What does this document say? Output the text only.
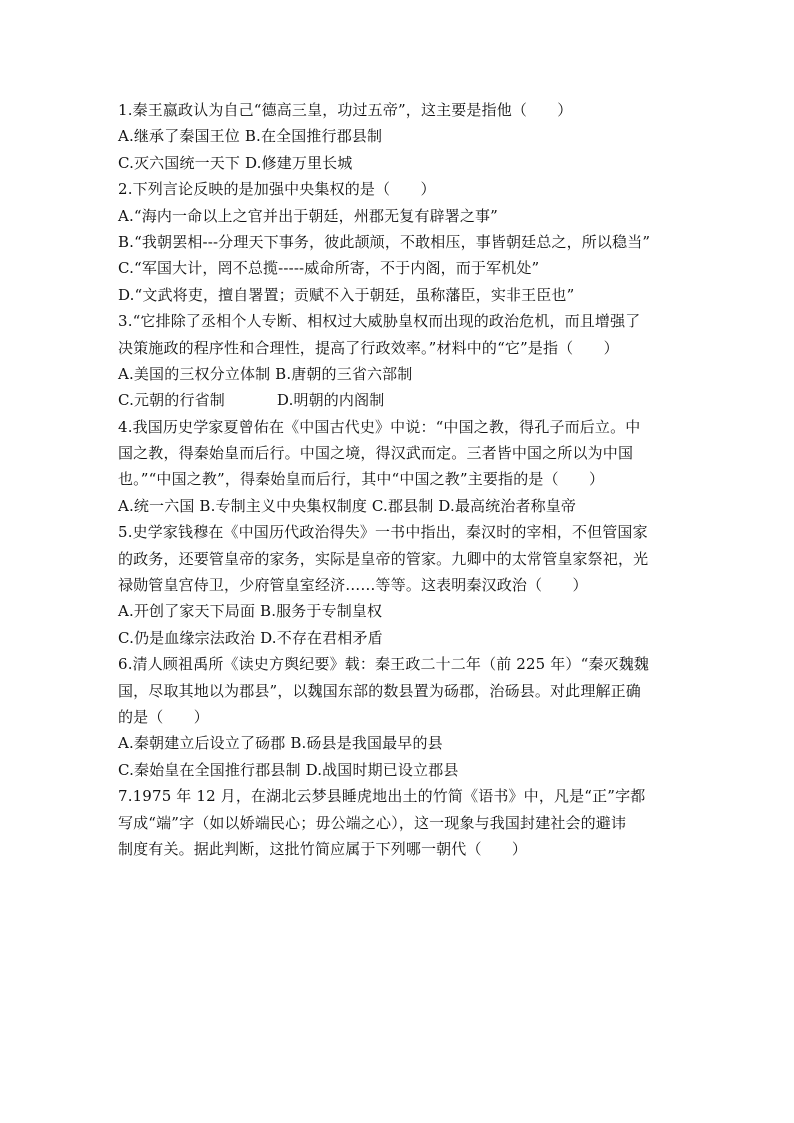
1.秦王嬴政认为自己“德高三皇，功过五帝”，这主要是指他（　　）
A.继承了秦国王位 B.在全国推行郡县制
C.灭六国统一天下 D.修建万里长城
2.下列言论反映的是加强中央集权的是（　　）
A.“海内一命以上之官并出于朝廷，州郡无复有辟署之事”
B.“我朝罢相---分理天下事务，彼此颉颃，不敢相压，事皆朝廷总之，所以稳当”
C.“军国大计，罔不总揽-----威命所寄，不于内阁，而于军机处”
D.“文武将吏，擅自署置；贡赋不入于朝廷，虽称藩臣，实非王臣也”
3.“它排除了丞相个人专断、相权过大威胁皇权而出现的政治危机，而且增强了
决策施政的程序性和合理性，提高了行政效率。”材料中的“它”是指（　　）
A.美国的三权分立体制 B.唐朝的三省六部制
C.元朝的行省制	D.明朝的内阁制
4.我国历史学家夏曾佑在《中国古代史》中说：“中国之教，得孔子而后立。中
国之教，得秦始皇而后行。中国之境，得汉武而定。三者皆中国之所以为中国
也。”“中国之教”，得秦始皇而后行，其中“中国之教”主要指的是（　　）
A.统一六国 B.专制主义中央集权制度 C.郡县制 D.最高统治者称皇帝
5.史学家钱穆在《中国历代政治得失》一书中指出，秦汉时的宰相，不但管国家
的政务，还要管皇帝的家务，实际是皇帝的管家。九卿中的太常管皇家祭祀，光
禄勋管皇宫侍卫，少府管皇室经济……等等。这表明秦汉政治（　　）
A.开创了家天下局面 B.服务于专制皇权
C.仍是血缘宗法政治 D.不存在君相矛盾
6.清人顾祖禹所《读史方舆纪要》载：秦王政二十二年（前 225 年）“秦灭魏魏
国，尽取其地以为郡县”，以魏国东部的数县置为砀郡，治砀县。对此理解正确
的是（　　）
A.秦朝建立后设立了砀郡 B.砀县是我国最早的县
C.秦始皇在全国推行郡县制 D.战国时期已设立郡县
7.1975 年 12 月，在湖北云梦县睡虎地出土的竹简《语书》中，凡是“正”字都
写成“端”字（如以娇端民心；毋公端之心），这一现象与我国封建社会的避讳
制度有关。据此判断，这批竹简应属于下列哪一朝代（　　）
